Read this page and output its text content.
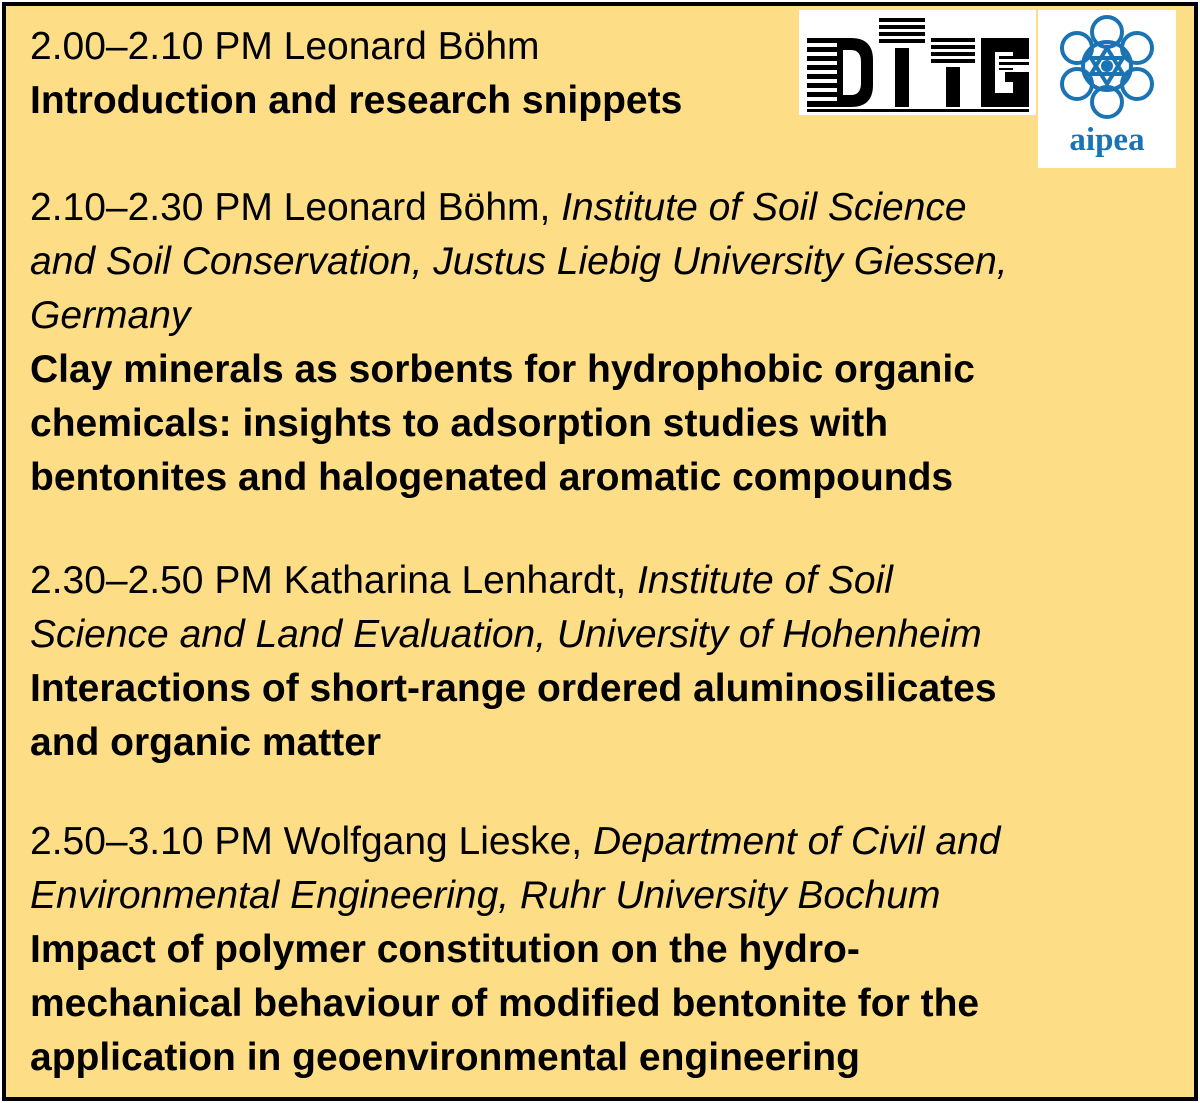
2.00–2.10 PM Leonard Böhm
Introduction and research snippets
2.10–2.30 PM Leonard Böhm, Institute of Soil Science
and Soil Conservation, Justus Liebig University Giessen,
Germany
Clay minerals as sorbents for hydrophobic organic
chemicals: insights to adsorption studies with
bentonites and halogenated aromatic compounds
2.30–2.50 PM Katharina Lenhardt, Institute of Soil
Science and Land Evaluation, University of Hohenheim
Interactions of short-range ordered aluminosilicates
and organic matter
2.50–3.10 PM Wolfgang Lieske, Department of Civil and
Environmental Engineering, Ruhr University Bochum
Impact of polymer constitution on the hydro-
mechanical behaviour of modified bentonite for the
application in geoenvironmental engineering
aipea
